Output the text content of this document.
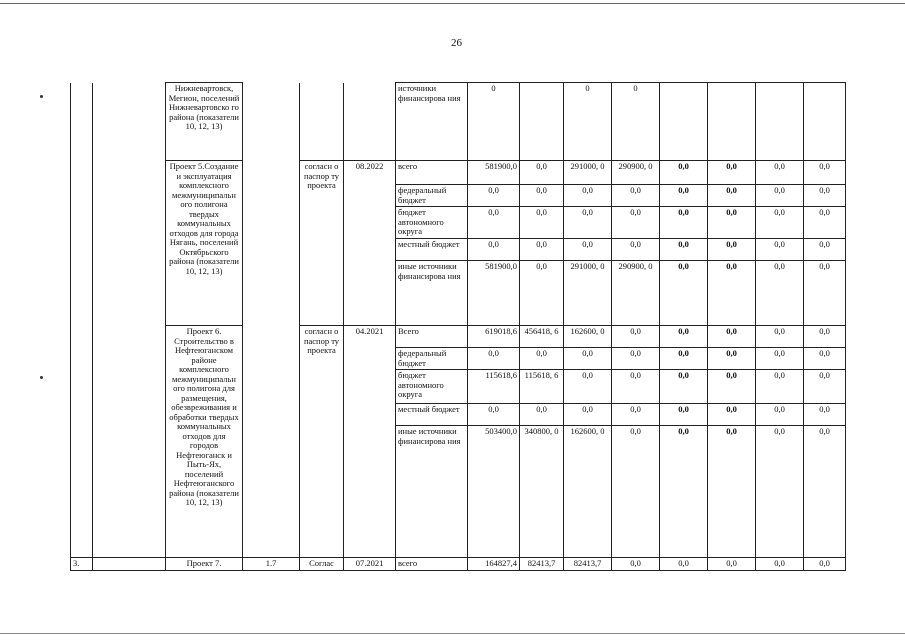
26
		Нижневартовск, Мегион, поселений Нижневартовско го района (показатели 10, 12, 13)				источники финансирова ния	0		0	0				
		Проект 5.Создание и эксплуатация комплексного межмуниципальн ого полигона твердых коммунальных отходов для города Нягань, поселений Октябрьского района (показатели 10, 12, 13)		согласн о паспор ту проекта	08.2022	всего	581900,0	0,0	291000, 0	290900, 0	0,0	0,0	0,0	0,0
						федеральный бюджет	0,0	0,0	0,0	0,0	0,0	0,0	0,0	0,0
						бюджет автономного округа	0,0	0,0	0,0	0,0	0,0	0,0	0,0	0,0
						местный бюджет	0,0	0,0	0,0	0,0	0,0	0,0	0,0	0,0
						иные источники финансирова ния	581900,0	0,0	291000, 0	290900, 0	0,0	0,0	0,0	0,0
		Проект 6. Строительство в Нефтеюганском районе комплексного межмуниципальн ого полигона для размещения, обезвреживания и обработки твердых коммунальных отходов для городов Нефтеюганск и Пыть-Ях, поселений Нефтеюганского района (показатели 10, 12, 13)		согласн о паспор ту проекта	04.2021	Всего	619018,6	456418, 6	162600, 0	0,0	0,0	0,0	0,0	0,0
						федеральный бюджет	0,0	0,0	0,0	0,0	0,0	0,0	0,0	0,0
						бюджет автономного округа	115618,6	115618, 6	0,0	0,0	0,0	0,0	0,0	0,0
						местный бюджет	0,0	0,0	0,0	0,0	0,0	0,0	0,0	0,0
						иные источники финансирова ния	503400,0	340800, 0	162600, 0	0,0	0,0	0,0	0,0	0,0
3.		Проект 7.	1.7	Соглас	07.2021	всего	164827,4	82413,7	82413,7	0,0	0,0	0,0	0,0	0,0
